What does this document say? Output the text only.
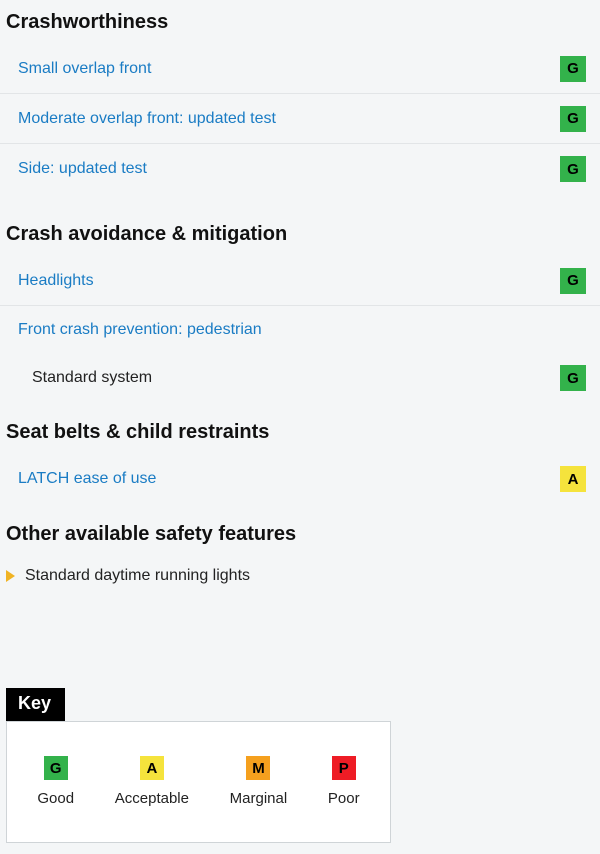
Crashworthiness
Small overlap front	G
Moderate overlap front: updated test	G
Side: updated test	G
Crash avoidance & mitigation
Headlights	G
Front crash prevention: pedestrian
Standard system	G
Seat belts & child restraints
LATCH ease of use	A
Other available safety features
Standard daytime running lights
Key
G
Good
A
Acceptable
M
Marginal
P
Poor
